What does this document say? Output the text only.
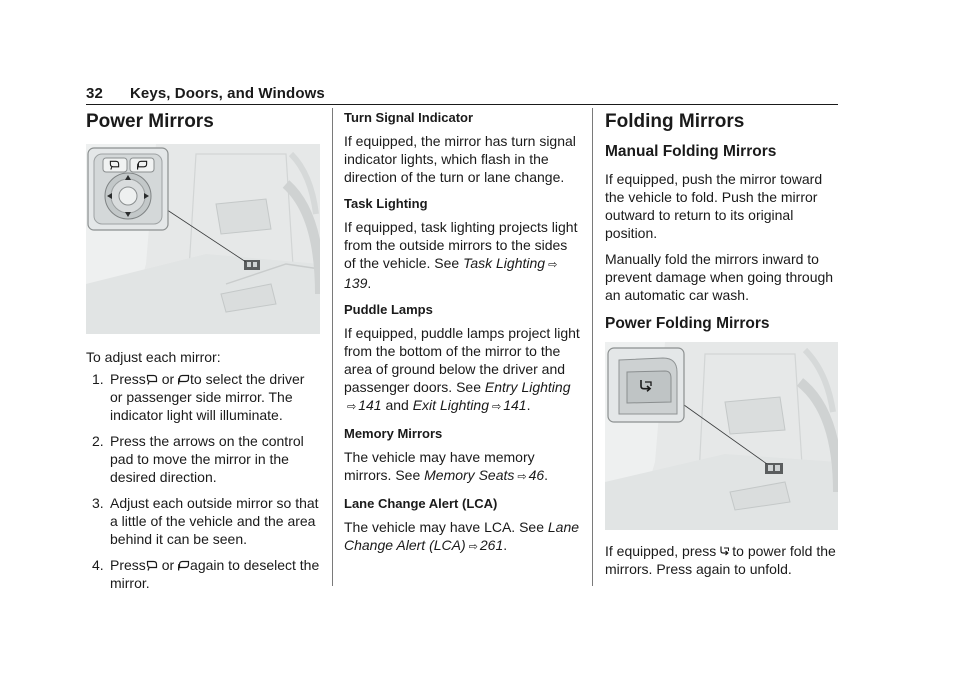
32 Keys, Doors, and Windows
Power Mirrors

To adjust each mirror:

1. Press or to select the driver or passenger side mirror. The indicator light will illuminate.
2. Press the arrows on the control pad to move the mirror in the desired direction.
3. Adjust each outside mirror so that a little of the vehicle and the area behind it can be seen.
4. Press or again to deselect the mirror.
Turn Signal Indicator

If equipped, the mirror has turn signal indicator lights, which flash in the direction of the turn or lane change.

Task Lighting

If equipped, task lighting projects light from the outside mirrors to the sides of the vehicle. See Task Lighting ⇨139.

Puddle Lamps

If equipped, puddle lamps project light from the bottom of the mirror to the area of ground below the driver and passenger doors. See Entry Lighting⇨ 141 and Exit Lighting ⇨ 141.

Memory Mirrors

The vehicle may have memory mirrors. See Memory Seats ⇨ 46.

Lane Change Alert (LCA)

The vehicle may have LCA. See Lane Change Alert (LCA) ⇨ 261.

Folding Mirrors
Manual Folding Mirrors

If equipped, push the mirror toward the vehicle to fold. Push the mirror outward to return to its original position.

Manually fold the mirrors inward to prevent damage when going through an automatic car wash.

Power Folding Mirrors

If equipped, press to power fold the mirrors. Press again to unfold.
